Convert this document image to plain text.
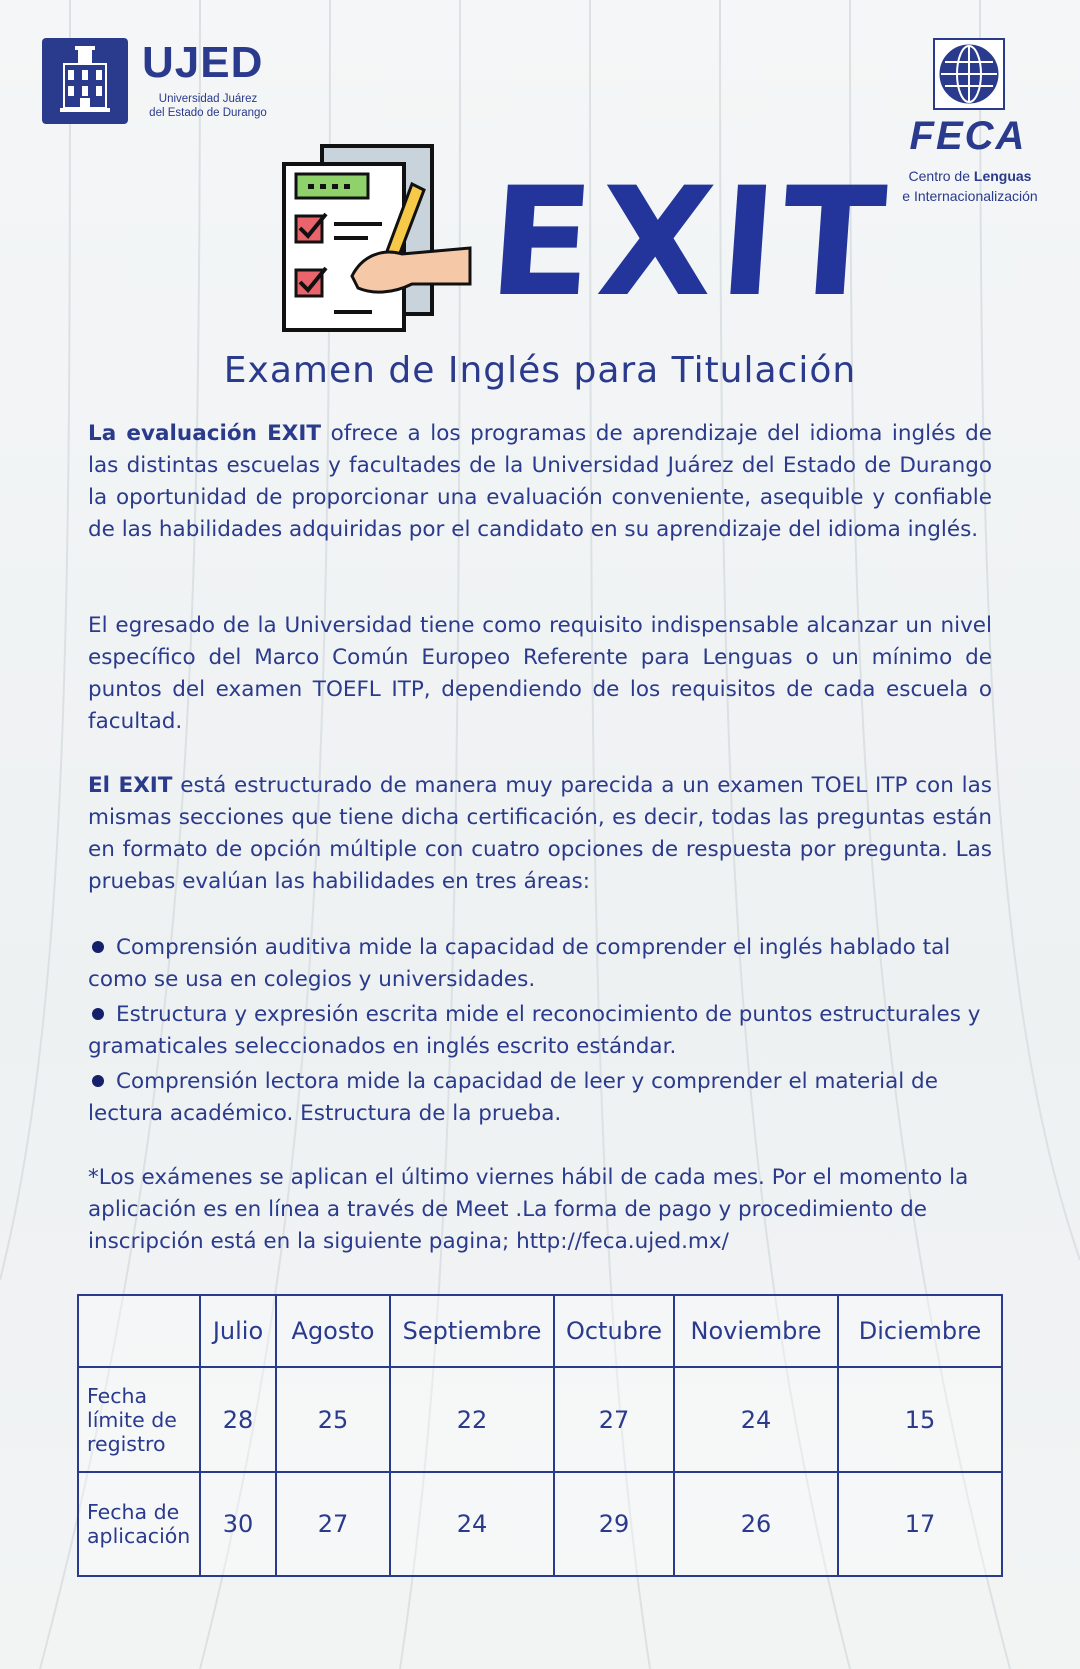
UJED
Universidad Juárez
del Estado de Durango
FECA
Centro de Lenguas
e Internacionalización
EXIT
Examen de Inglés para Titulación
La evaluación EXIT ofrece a los programas de aprendizaje del idioma inglés de las distintas escuelas y facultades de la Universidad Juárez del Estado de Durango la oportunidad de proporcionar una evaluación conveniente, asequible y confiable de las habilidades adquiridas por el candidato en su aprendizaje del idioma inglés.
El egresado de la Universidad tiene como requisito indispensable alcanzar un nivel específico del Marco Común Europeo Referente para Lenguas o un mínimo de puntos del examen TOEFL ITP, dependiendo de los requisitos de cada escuela o facultad.
El EXIT está estructurado de manera muy parecida a un examen TOEL ITP con las mismas secciones que tiene dicha certificación, es decir, todas las preguntas están en formato de opción múltiple con cuatro opciones de respuesta por pregunta. Las pruebas evalúan las habilidades en tres áreas:
Comprensión auditiva mide la capacidad de comprender el inglés hablado tal como se usa en colegios y universidades.
Estructura y expresión escrita mide el reconocimiento de puntos estructurales y gramaticales seleccionados en inglés escrito estándar.
Comprensión lectora mide la capacidad de leer y comprender el material de lectura académico. Estructura de la prueba.
*Los exámenes se aplican el último viernes hábil de cada mes. Por el momento la aplicación es en línea a través de Meet .La forma de pago y procedimiento de inscripción está en la siguiente pagina; http://feca.ujed.mx/
	Julio	Agosto	Septiembre	Octubre	Noviembre	Diciembre
Fecha límite de registro	28	25	22	27	24	15
Fecha de aplicación	30	27	24	29	26	17
